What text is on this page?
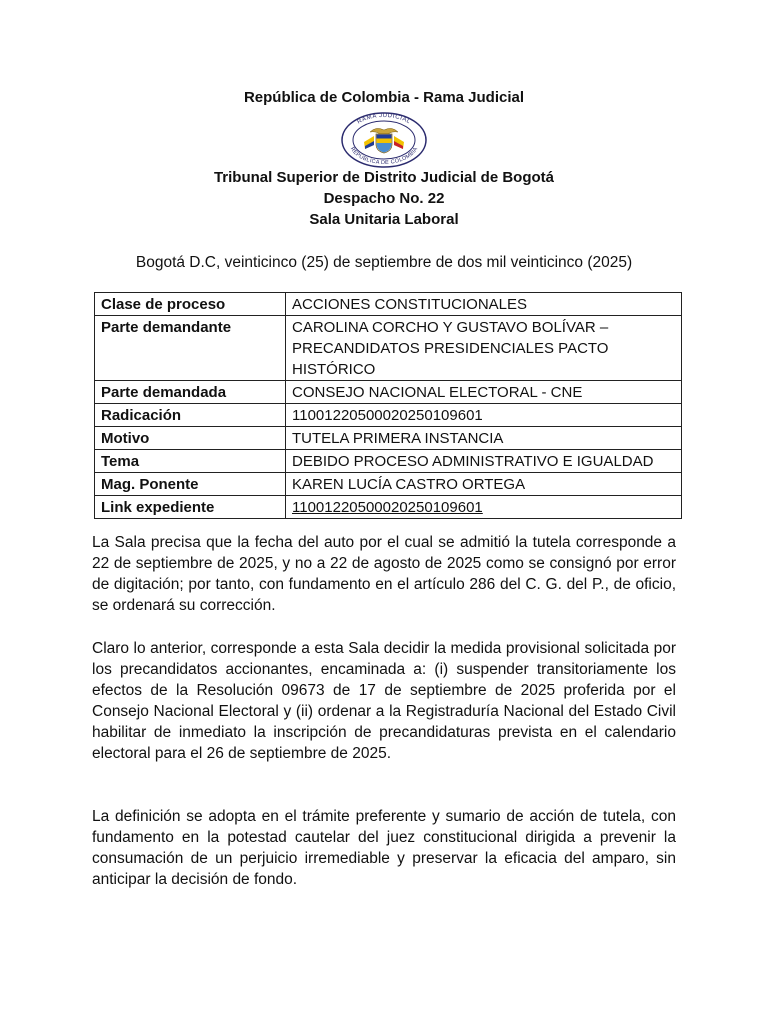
República de Colombia - Rama Judicial
RAMA JUDICIAL
REPÚBLICA DE COLOMBIA
Tribunal Superior de Distrito Judicial de Bogotá
Despacho No. 22
Sala Unitaria Laboral
Bogotá D.C, veinticinco (25) de septiembre de dos mil veinticinco (2025)
Clase de proceso	ACCIONES CONSTITUCIONALES
Parte demandante	CAROLINA CORCHO Y GUSTAVO BOLÍVAR – PRECANDIDATOS PRESIDENCIALES PACTO HISTÓRICO
Parte demandada	CONSEJO NACIONAL ELECTORAL - CNE
Radicación	11001220500020250109601
Motivo	TUTELA PRIMERA INSTANCIA
Tema	DEBIDO PROCESO ADMINISTRATIVO E IGUALDAD
Mag. Ponente	KAREN LUCÍA CASTRO ORTEGA
Link expediente	11001220500020250109601

La Sala precisa que la fecha del auto por el cual se admitió la tutela corresponde a 22 de septiembre de 2025, y no a 22 de agosto de 2025 como se consignó por error de digitación; por tanto, con fundamento en el artículo 286 del C. G. del P., de oficio, se ordenará su corrección.

Claro lo anterior, corresponde a esta Sala decidir la medida provisional solicitada por los precandidatos accionantes, encaminada a: (i) suspender transitoriamente los efectos de la Resolución 09673 de 17 de septiembre de 2025 proferida por el Consejo Nacional Electoral y (ii) ordenar a la Registraduría Nacional del Estado Civil habilitar de inmediato la inscripción de precandidaturas prevista en el calendario electoral para el 26 de septiembre de 2025.

La definición se adopta en el trámite preferente y sumario de acción de tutela, con fundamento en la potestad cautelar del juez constitucional dirigida a prevenir la consumación de un perjuicio irremediable y preservar la eficacia del amparo, sin anticipar la decisión de fondo.
